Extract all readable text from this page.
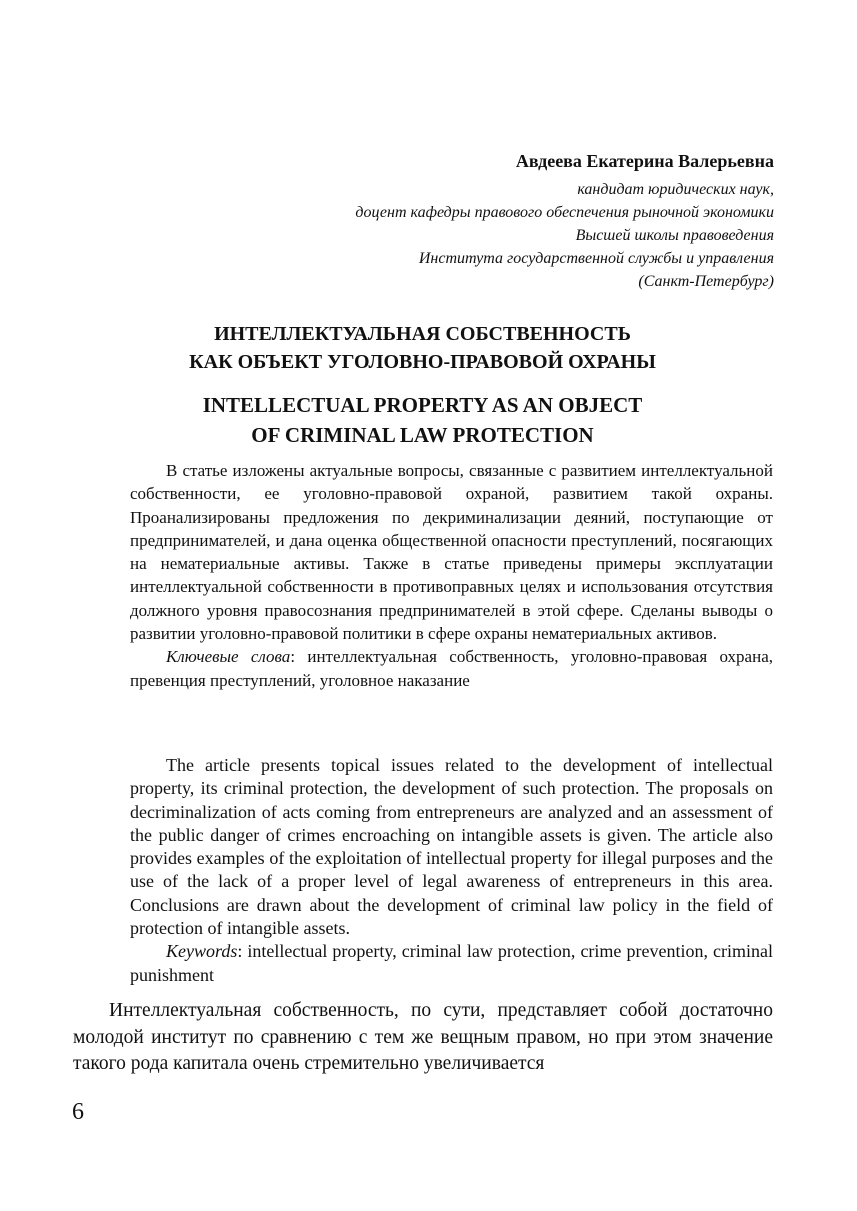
Авдеева Екатерина Валерьевна
кандидат юридических наук,
доцент кафедры правового обеспечения рыночной экономики
Высшей школы правоведения
Института государственной службы и управления
(Санкт-Петербург)
ИНТЕЛЛЕКТУАЛЬНАЯ СОБСТВЕННОСТЬ
КАК ОБЪЕКТ УГОЛОВНО-ПРАВОВОЙ ОХРАНЫ
INTELLECTUAL PROPERTY AS AN OBJECT
OF CRIMINAL LAW PROTECTION

В статье изложены актуальные вопросы, связанные с развитием интеллектуальной собственности, ее уголовно-правовой охраной, развитием такой охраны. Проанализированы предложения по декриминализации деяний, поступающие от предпринимателей, и дана оценка общественной опасности преступлений, посягающих на нематериальные активы. Также в статье приведены примеры эксплуатации интеллектуальной собственности в противоправных целях и использования отсутствия должного уровня правосознания предпринимателей в этой сфере. Сделаны выводы о развитии уголовно-правовой политики в сфере охраны нематериальных активов.

Ключевые слова: интеллектуальная собственность, уголовно-правовая охрана, превенция преступлений, уголовное наказание

The article presents topical issues related to the development of intellectual property, its criminal protection, the development of such protection. The proposals on decriminalization of acts coming from entrepreneurs are analyzed and an assessment of the public danger of crimes encroaching on intangible assets is given. The article also provides examples of the exploitation of intellectual property for illegal purposes and the use of the lack of a proper level of legal awareness of entrepreneurs in this area. Conclusions are drawn about the development of criminal law policy in the field of protection of intangible assets.

Keywords: intellectual property, criminal law protection, crime prevention, criminal punishment

Интеллектуальная собственность, по сути, представляет собой достаточно молодой институт по сравнению с тем же вещным правом, но при этом значение такого рода капитала очень стремительно увеличивается

6
